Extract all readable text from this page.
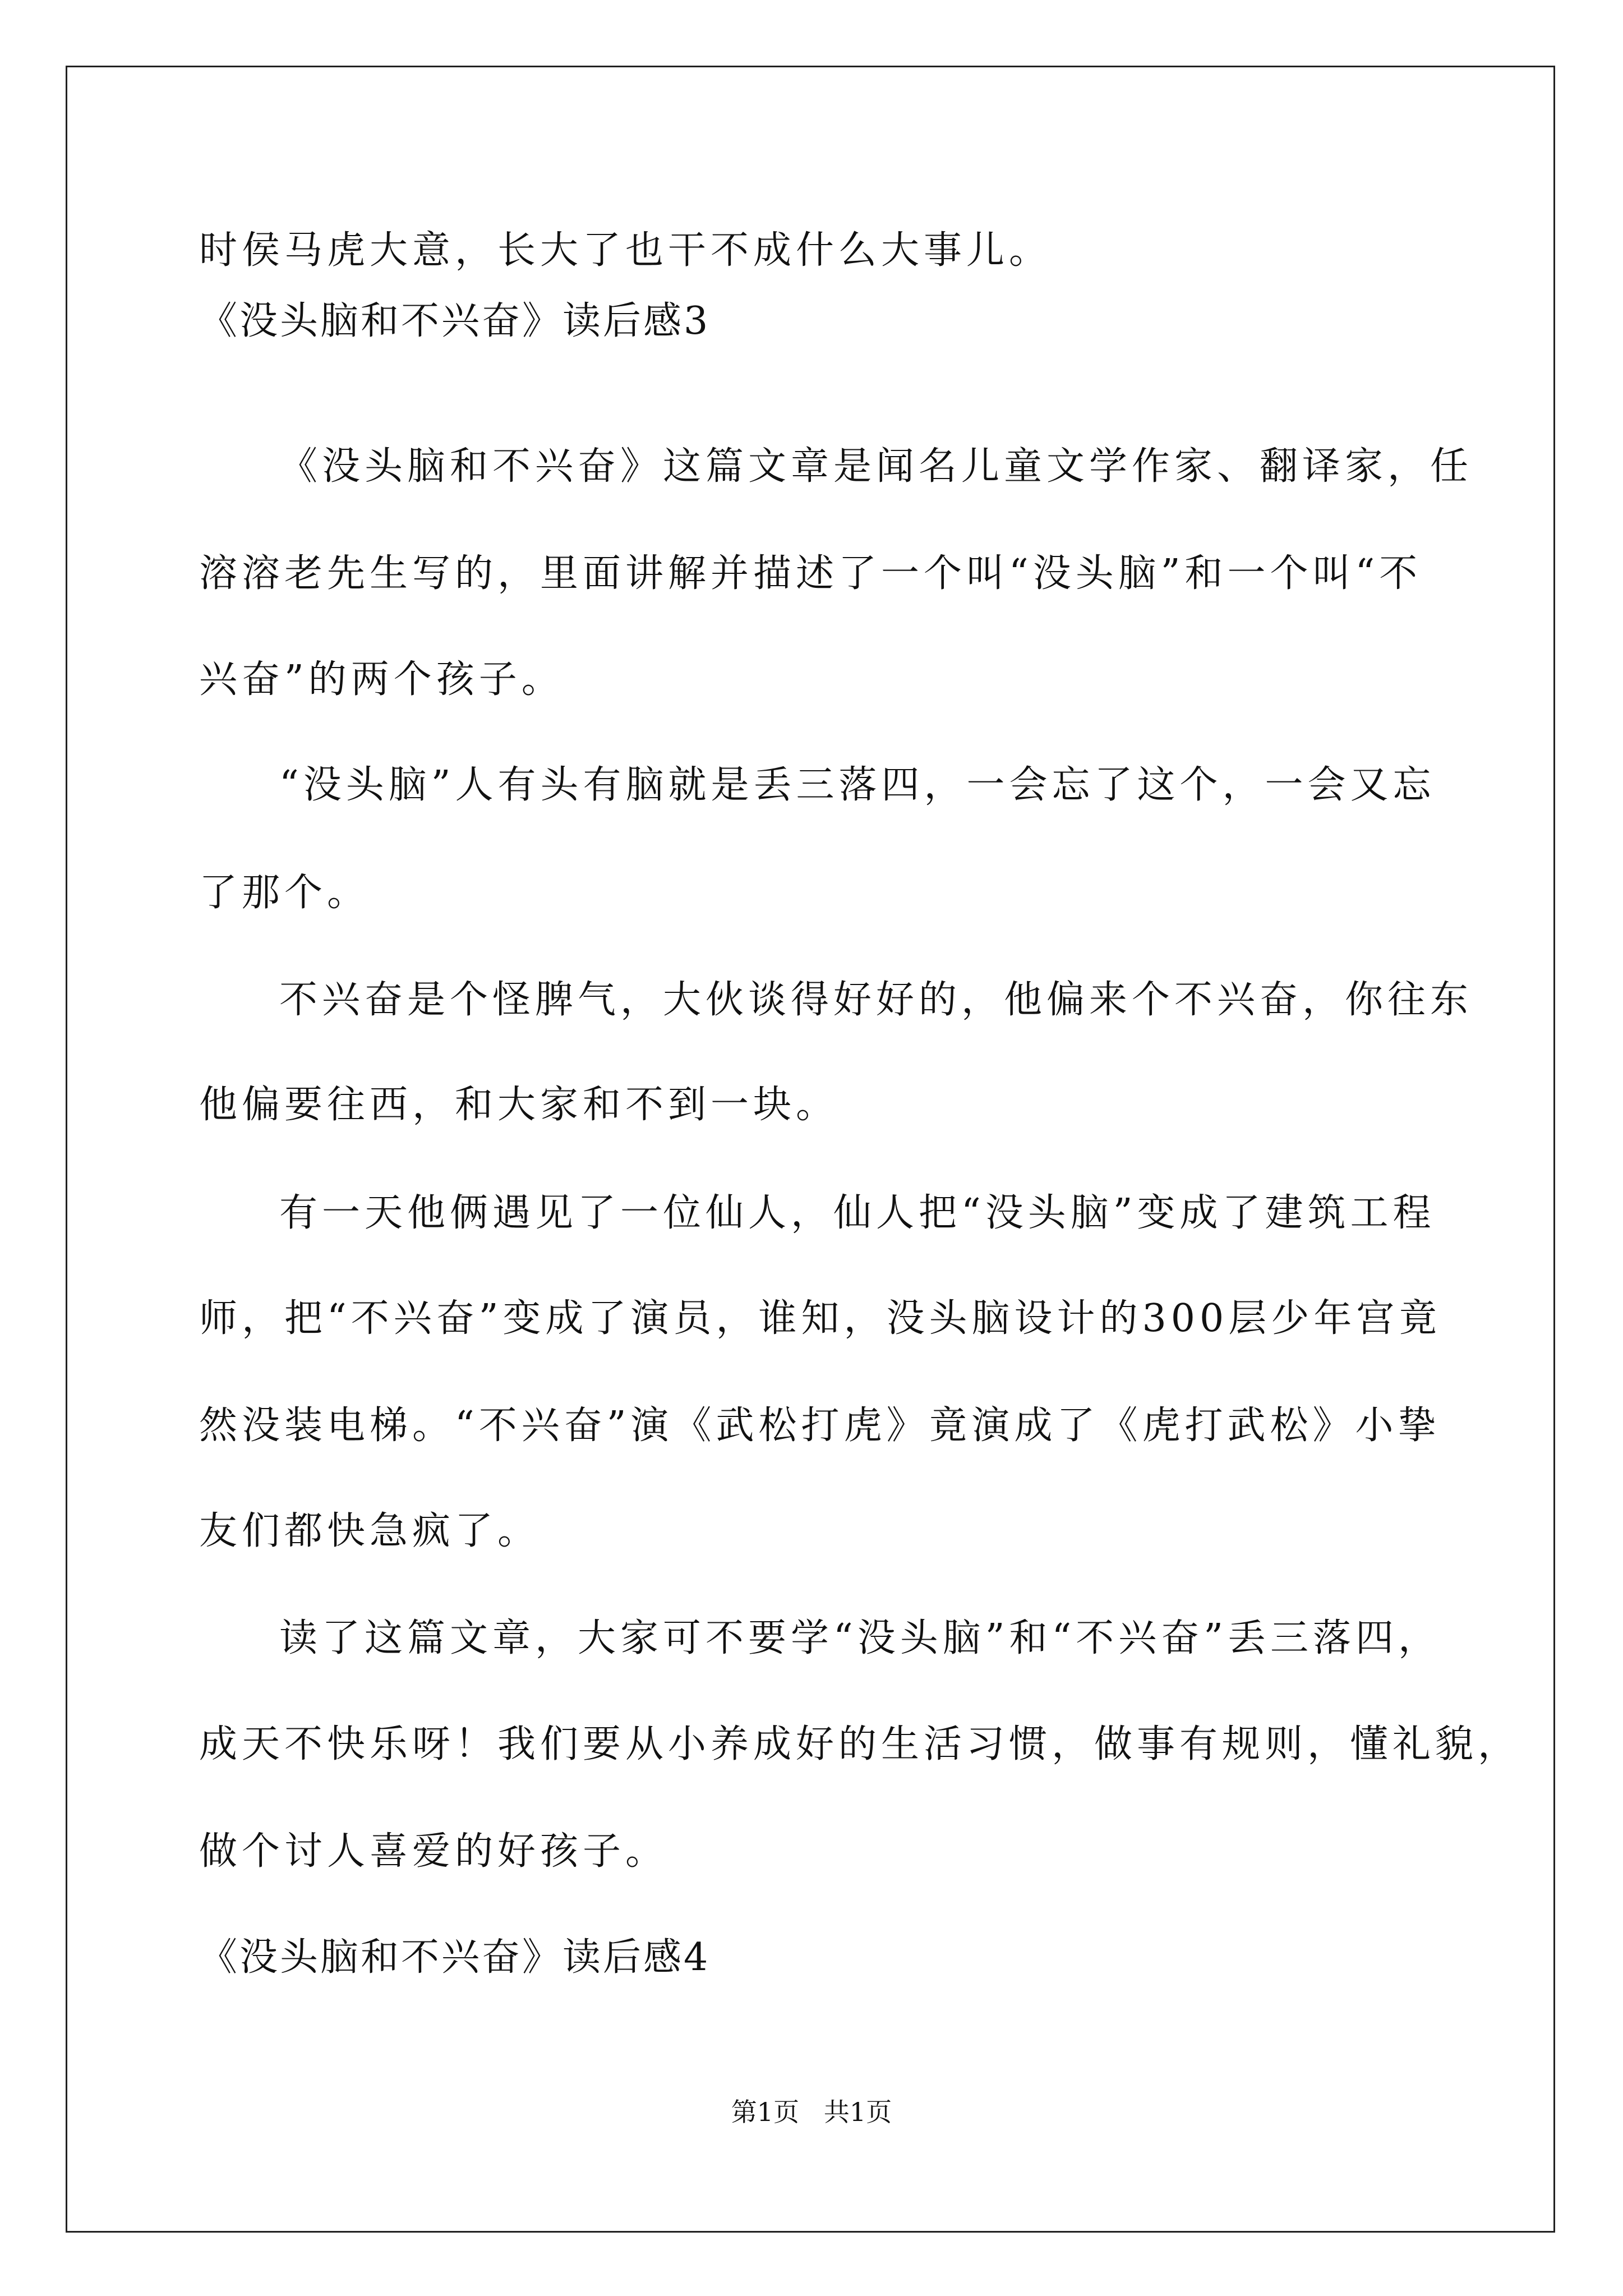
时侯马虎大意，长大了也干不成什么大事儿。
《没头脑和不兴奋》读后感3
《没头脑和不兴奋》这篇文章是闻名儿童文学作家、翻译家，任
溶溶老先生写的，里面讲解并描述了一个叫“没头脑”和一个叫“不
兴奋”的两个孩子。
“没头脑”人有头有脑就是丢三落四，一会忘了这个，一会又忘
了那个。
不兴奋是个怪脾气，大伙谈得好好的，他偏来个不兴奋，你往东
他偏要往西，和大家和不到一块。
有一天他俩遇见了一位仙人，仙人把“没头脑”变成了建筑工程
师，把“不兴奋”变成了演员，谁知，没头脑设计的300层少年宫竟
然没装电梯。“不兴奋”演《武松打虎》竟演成了《虎打武松》小挚
友们都快急疯了。
读了这篇文章，大家可不要学“没头脑”和“不兴奋”丢三落四，
成天不快乐呀！我们要从小养成好的生活习惯，做事有规则，懂礼貌，
做个讨人喜爱的好孩子。
《没头脑和不兴奋》读后感4
第1页   共1页
